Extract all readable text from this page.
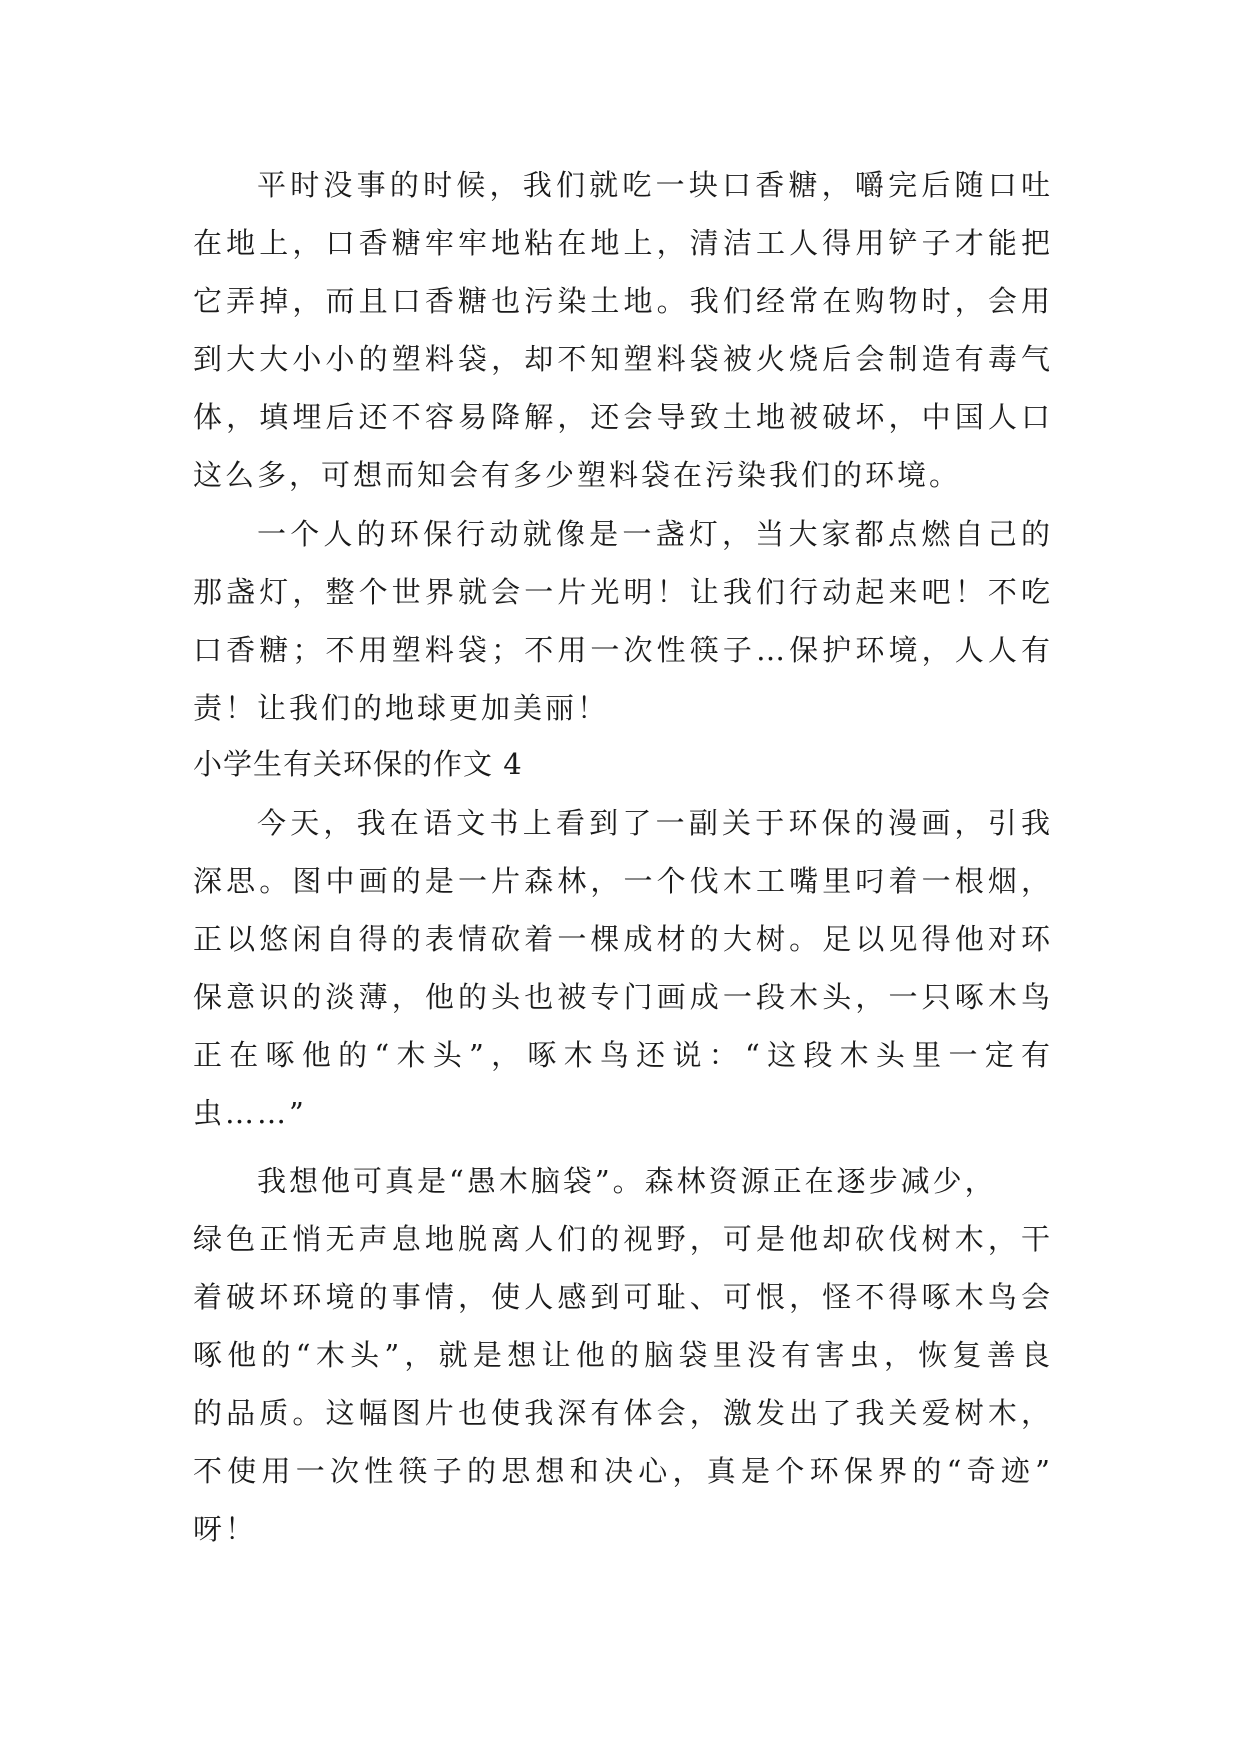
平时没事的时候，我们就吃一块口香糖，嚼完后随口吐
在地上，口香糖牢牢地粘在地上，清洁工人得用铲子才能把
它弄掉，而且口香糖也污染土地。我们经常在购物时，会用
到大大小小的塑料袋，却不知塑料袋被火烧后会制造有毒气
体，填埋后还不容易降解，还会导致土地被破坏，中国人口
这么多，可想而知会有多少塑料袋在污染我们的环境。
一个人的环保行动就像是一盏灯，当大家都点燃自己的
那盏灯，整个世界就会一片光明！让我们行动起来吧！不吃
口香糖；不用塑料袋；不用一次性筷子…保护环境，人人有
责！让我们的地球更加美丽！
小学生有关环保的作文 4
今天，我在语文书上看到了一副关于环保的漫画，引我
深思。图中画的是一片森林，一个伐木工嘴里叼着一根烟，
正以悠闲自得的表情砍着一棵成材的大树。足以见得他对环
保意识的淡薄，他的头也被专门画成一段木头，一只啄木鸟
正在啄他的“木头”，啄木鸟还说：“这段木头里一定有
虫……”
我想他可真是“愚木脑袋”。森林资源正在逐步减少，
绿色正悄无声息地脱离人们的视野，可是他却砍伐树木，干
着破坏环境的事情，使人感到可耻、可恨，怪不得啄木鸟会
啄他的“木头”，就是想让他的脑袋里没有害虫，恢复善良
的品质。这幅图片也使我深有体会，激发出了我关爱树木，
不使用一次性筷子的思想和决心，真是个环保界的“奇迹”
呀！
